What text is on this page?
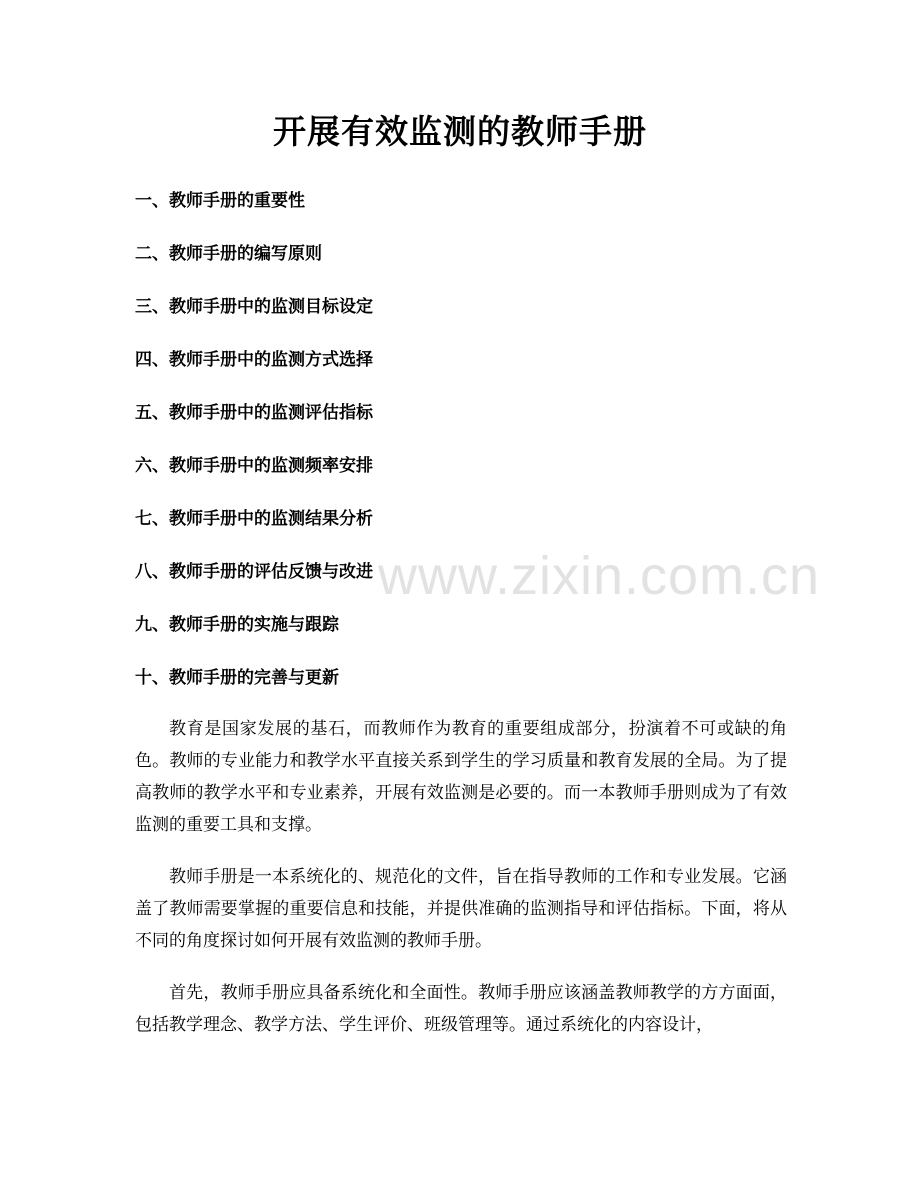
开展有效监测的教师手册
一、教师手册的重要性
二、教师手册的编写原则
三、教师手册中的监测目标设定
四、教师手册中的监测方式选择
五、教师手册中的监测评估指标
六、教师手册中的监测频率安排
七、教师手册中的监测结果分析
八、教师手册的评估反馈与改进
九、教师手册的实施与跟踪
十、教师手册的完善与更新

教育是国家发展的基石，而教师作为教育的重要组成部分，扮演着不可或缺的角色。教师的专业能力和教学水平直接关系到学生的学习质量和教育发展的全局。为了提高教师的教学水平和专业素养，开展有效监测是必要的。而一本教师手册则成为了有效监测的重要工具和支撑。

教师手册是一本系统化的、规范化的文件，旨在指导教师的工作和专业发展。它涵盖了教师需要掌握的重要信息和技能，并提供准确的监测指导和评估指标。下面，将从不同的角度探讨如何开展有效监测的教师手册。

首先，教师手册应具备系统化和全面性。教师手册应该涵盖教师教学的方方面面，包括教学理念、教学方法、学生评价、班级管理等。通过系统化的内容设计，

www.zixin.com.cn
